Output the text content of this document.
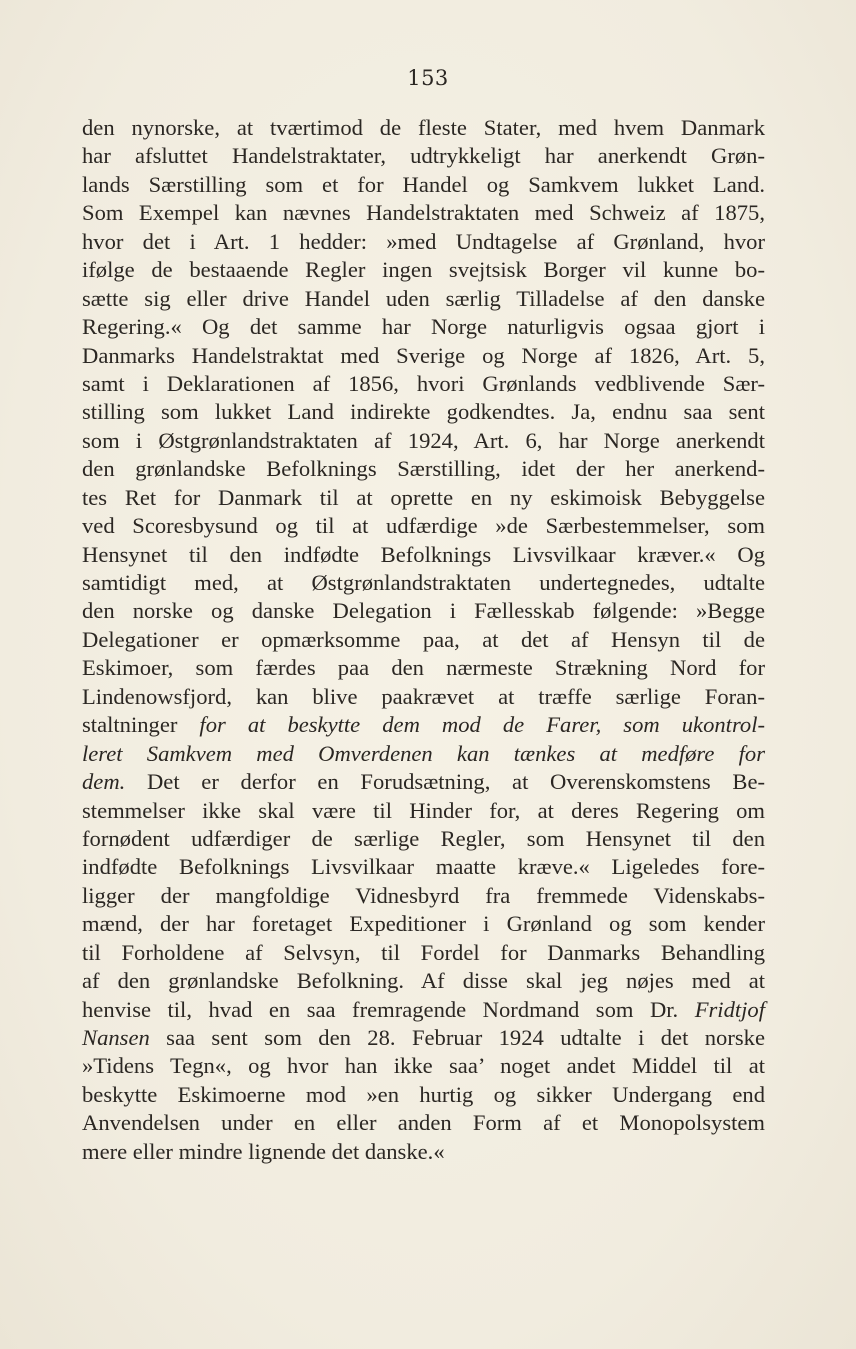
153
den nynorske, at tværtimod de fleste Stater, med hvem Danmark
har afsluttet Handelstraktater, udtrykkeligt har anerkendt Grøn-
lands Særstilling som et for Handel og Samkvem lukket Land.
Som Exempel kan nævnes Handelstraktaten med Schweiz af 1875,
hvor det i Art. 1 hedder: »med Undtagelse af Grønland, hvor
ifølge de bestaaende Regler ingen svejtsisk Borger vil kunne bo-
sætte sig eller drive Handel uden særlig Tilladelse af den danske
Regering.« Og det samme har Norge naturligvis ogsaa gjort i
Danmarks Handelstraktat med Sverige og Norge af 1826, Art. 5,
samt i Deklarationen af 1856, hvori Grønlands vedblivende Sær-
stilling som lukket Land indirekte godkendtes. Ja, endnu saa sent
som i Østgrønlandstraktaten af 1924, Art. 6, har Norge anerkendt
den grønlandske Befolknings Særstilling, idet der her anerkend-
tes Ret for Danmark til at oprette en ny eskimoisk Bebyggelse
ved Scoresbysund og til at udfærdige »de Særbestemmelser, som
Hensynet til den indfødte Befolknings Livsvilkaar kræver.« Og
samtidigt med, at Østgrønlandstraktaten undertegnedes, udtalte
den norske og danske Delegation i Fællesskab følgende: »Begge
Delegationer er opmærksomme paa, at det af Hensyn til de
Eskimoer, som færdes paa den nærmeste Strækning Nord for
Lindenowsfjord, kan blive paakrævet at træffe særlige Foran-
staltninger for at beskytte dem mod de Farer, som ukontrol-
leret Samkvem med Omverdenen kan tænkes at medføre for
dem. Det er derfor en Forudsætning, at Overenskomstens Be-
stemmelser ikke skal være til Hinder for, at deres Regering om
fornødent udfærdiger de særlige Regler, som Hensynet til den
indfødte Befolknings Livsvilkaar maatte kræve.« Ligeledes fore-
ligger der mangfoldige Vidnesbyrd fra fremmede Videnskabs-
mænd, der har foretaget Expeditioner i Grønland og som kender
til Forholdene af Selvsyn, til Fordel for Danmarks Behandling
af den grønlandske Befolkning. Af disse skal jeg nøjes med at
henvise til, hvad en saa fremragende Nordmand som Dr. Fridtjof
Nansen saa sent som den 28. Februar 1924 udtalte i det norske
»Tidens Tegn«, og hvor han ikke saa’ noget andet Middel til at
beskytte Eskimoerne mod »en hurtig og sikker Undergang end
Anvendelsen under en eller anden Form af et Monopolsystem
mere eller mindre lignende det danske.«
